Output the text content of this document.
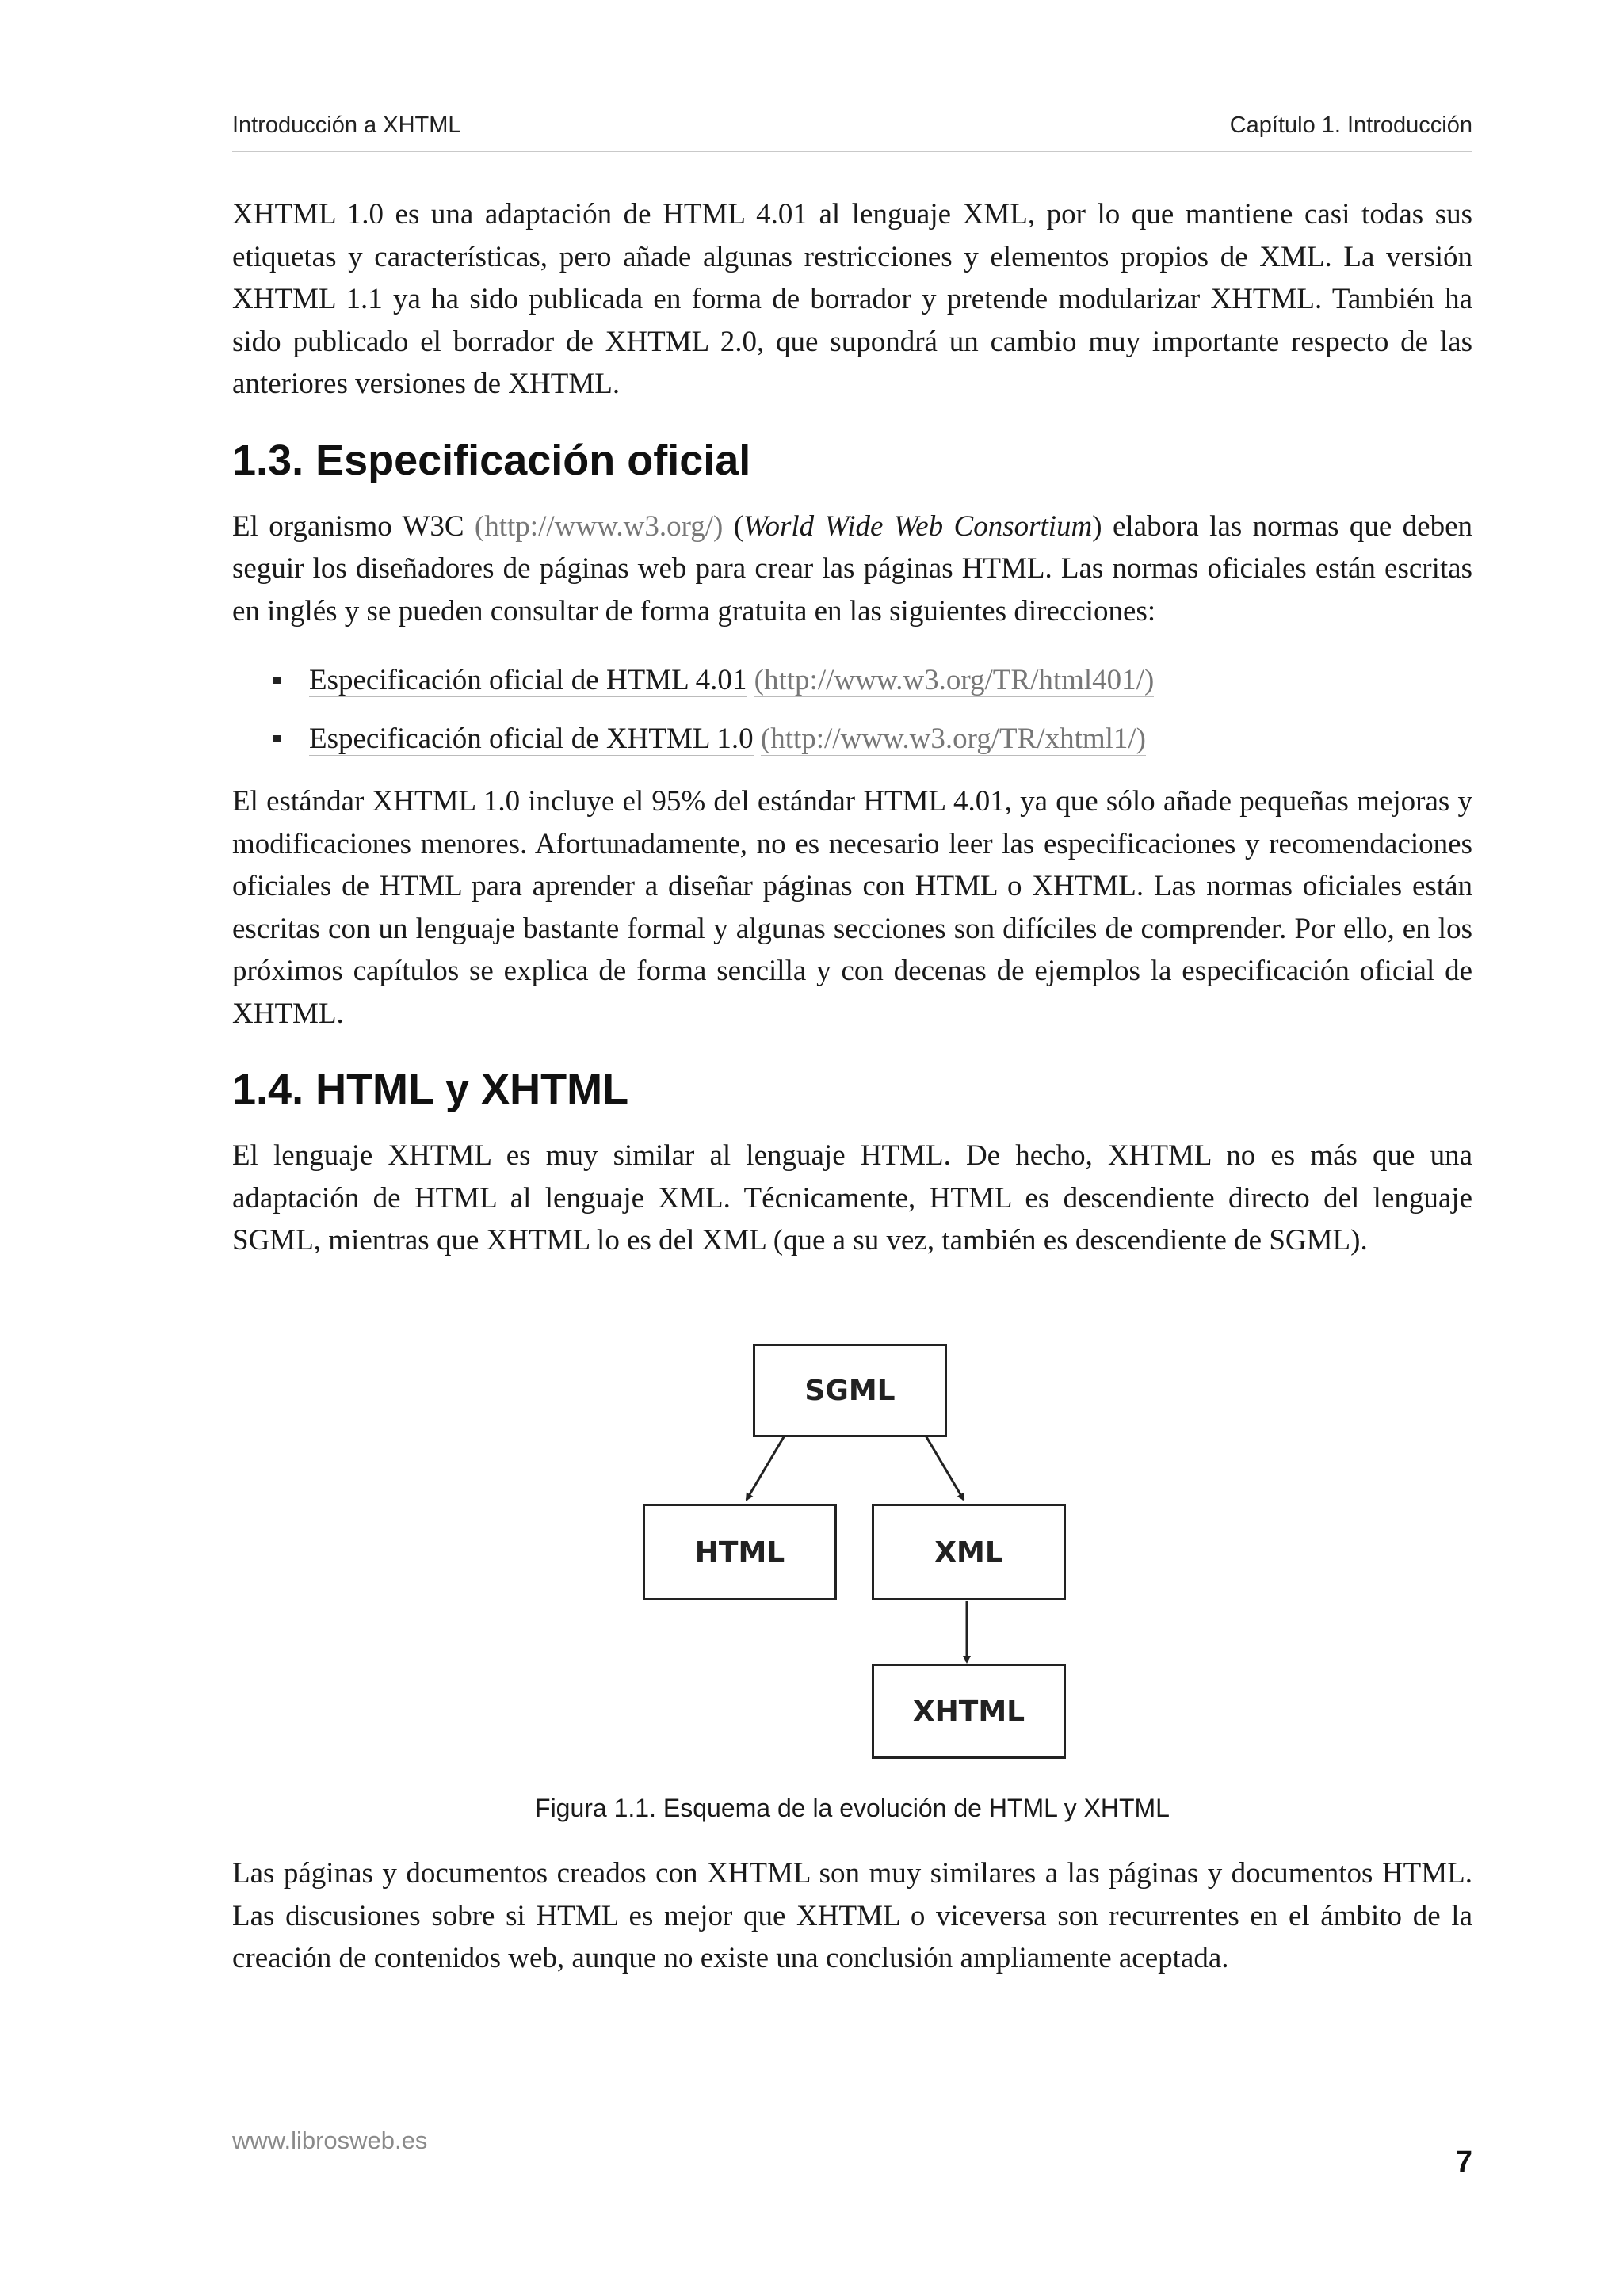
Introducción a XHTML	Capítulo 1. Introducción

XHTML 1.0 es una adaptación de HTML 4.01 al lenguaje XML, por lo que mantiene casi todas sus etiquetas y características, pero añade algunas restricciones y elementos propios de XML. La versión XHTML 1.1 ya ha sido publicada en forma de borrador y pretende modularizar XHTML. También ha sido publicado el borrador de XHTML 2.0, que supondrá un cambio muy importante respecto de las anteriores versiones de XHTML.

1.3. Especificación oficial

El organismo W3C (http://www.w3.org/) (World Wide Web Consortium) elabora las normas que deben seguir los diseñadores de páginas web para crear las páginas HTML. Las normas oficiales están escritas en inglés y se pueden consultar de forma gratuita en las siguientes direcciones:

Especificación oficial de HTML 4.01 (http://www.w3.org/TR/html401/)
Especificación oficial de XHTML 1.0 (http://www.w3.org/TR/xhtml1/)

El estándar XHTML 1.0 incluye el 95% del estándar HTML 4.01, ya que sólo añade pequeñas mejoras y modificaciones menores. Afortunadamente, no es necesario leer las especificaciones y recomendaciones oficiales de HTML para aprender a diseñar páginas con HTML o XHTML. Las normas oficiales están escritas con un lenguaje bastante formal y algunas secciones son difíciles de comprender. Por ello, en los próximos capítulos se explica de forma sencilla y con decenas de ejemplos la especificación oficial de XHTML.

1.4. HTML y XHTML

El lenguaje XHTML es muy similar al lenguaje HTML. De hecho, XHTML no es más que una adaptación de HTML al lenguaje XML. Técnicamente, HTML es descendiente directo del lenguaje SGML, mientras que XHTML lo es del XML (que a su vez, también es descendiente de SGML).

SGML
HTML	XML
XHTML
Figura 1.1. Esquema de la evolución de HTML y XHTML

Las páginas y documentos creados con XHTML son muy similares a las páginas y documentos HTML. Las discusiones sobre si HTML es mejor que XHTML o viceversa son recurrentes en el ámbito de la creación de contenidos web, aunque no existe una conclusión ampliamente aceptada.

www.librosweb.es
7
